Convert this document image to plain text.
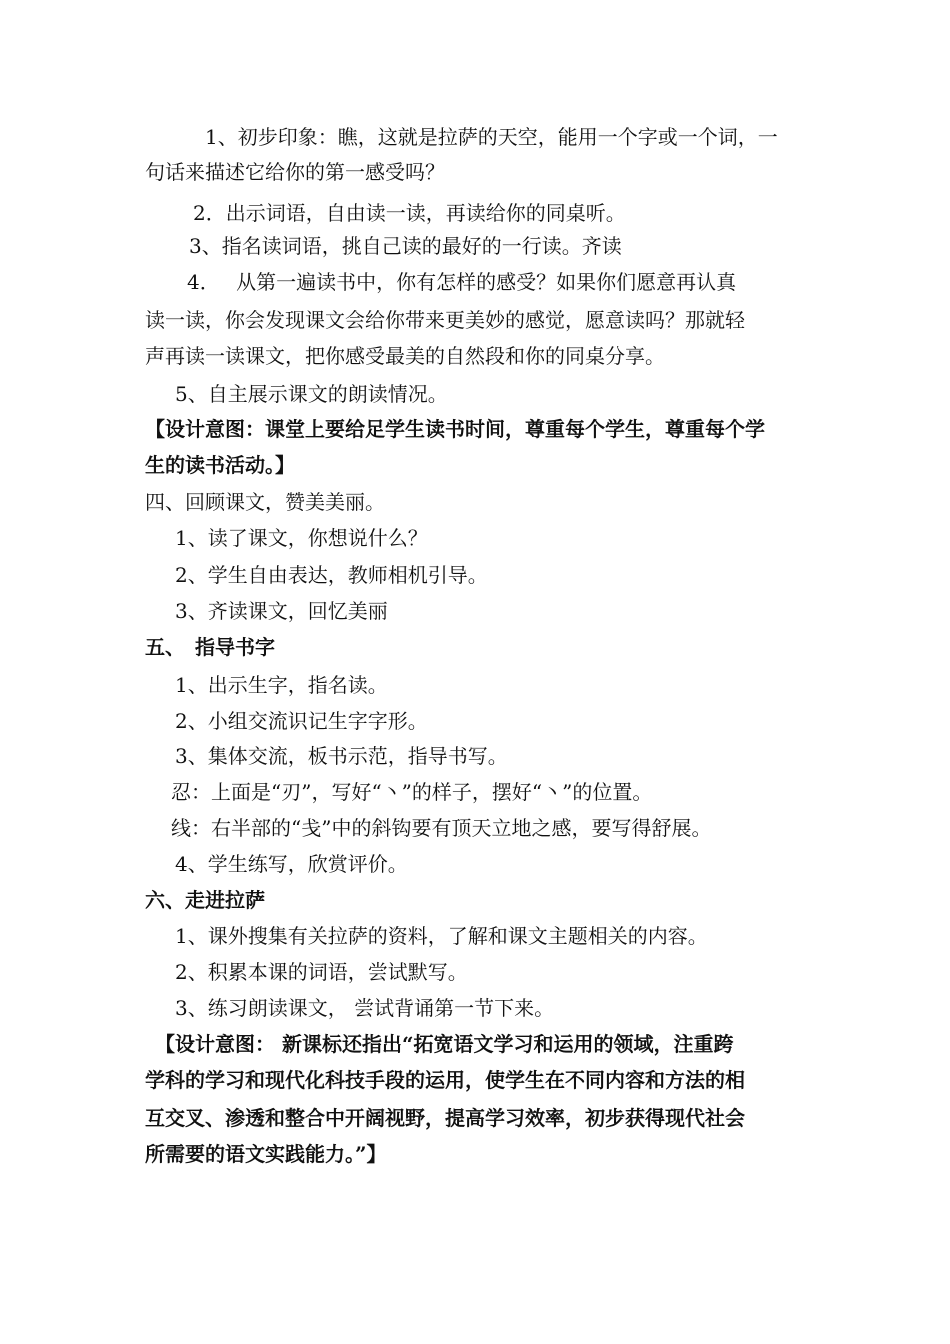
1、初步印象：瞧，这就是拉萨的天空，能用一个字或一个词，一
句话来描述它给你的第一感受吗？
2．出示词语，自由读一读，再读给你的同桌听。
3、指名读词语，挑自己读的最好的一行读。齐读
4．　 从第一遍读书中，你有怎样的感受？如果你们愿意再认真
读一读，你会发现课文会给你带来更美妙的感觉，愿意读吗？那就轻
声再读一读课文，把你感受最美的自然段和你的同桌分享。
5、自主展示课文的朗读情况。
【设计意图：课堂上要给足学生读书时间，尊重每个学生，尊重每个学
生的读书活动。】
四、回顾课文，赞美美丽。
1、读了课文，你想说什么？
2、学生自由表达，教师相机引导。
3、齐读课文，回忆美丽
五、　指导书字
1、出示生字，指名读。
2、小组交流识记生字字形。
3、集体交流，板书示范，指导书写。
忍：上面是“刃”，写好“丶”的样子，摆好“丶”的位置。
线：右半部的“戋”中的斜钩要有顶天立地之感，要写得舒展。
4、学生练写，欣赏评价。
六、走进拉萨
1、课外搜集有关拉萨的资料，了解和课文主题相关的内容。
2、积累本课的词语，尝试默写。
3、练习朗读课文， 尝试背诵第一节下来。
【设计意图： 新课标还指出“拓宽语文学习和运用的领域，注重跨
学科的学习和现代化科技手段的运用，使学生在不同内容和方法的相
互交叉、渗透和整合中开阔视野，提高学习效率，初步获得现代社会
所需要的语文实践能力。”】
